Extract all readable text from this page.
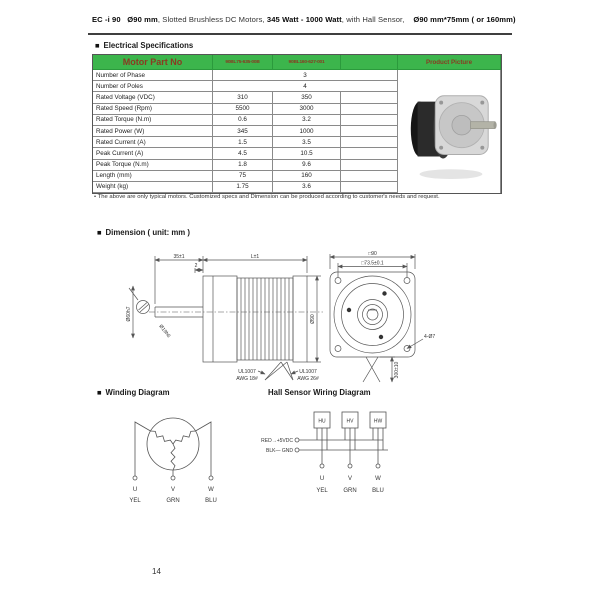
EC -i 90 Ø90 mm, Slotted Brushless DC Motors, 345 Watt - 1000 Watt, with Hall Sensor,    Ø90 mm*75mm ( or 160mm)
■ Electrical Specifications
Motor Part No	90BL75-635-00B	90BL160-627-001	Product Picture
Number of Phase	3
Number of Poles	4
Rated Voltage (VDC)	310	350
Rated Speed (Rpm)	5500	3000
Rated Torque (N.m)	0.6	3.2
Rated Power (W)	345	1000
Rated Current (A)	1.5	3.5
Peak Current (A)	4.5	10.5
Peak Torque (N.m)	1.8	9.6
Length (mm)	75	160
Weight (kg)	1.75	3.6
• The above are only typical motors. Customized specs and Dimension can be produced according to customer's needs and request.
■ Dimension ( unit: mm )
35±1	L±1
2
Ø60h7	Ø90
Ø19h6
UL1007
AWG 18#
UL1007
AWG 26#
□90
□73.5±0.1
4-Ø7
300±10
■ Winding Diagram	Hall Sensor Wiring Diagram
U	V	W
YEL	GRN	BLU
HU	HV	HW
RED→+5VDC
BLK— GND
U	V	W
YEL	GRN	BLU
14
